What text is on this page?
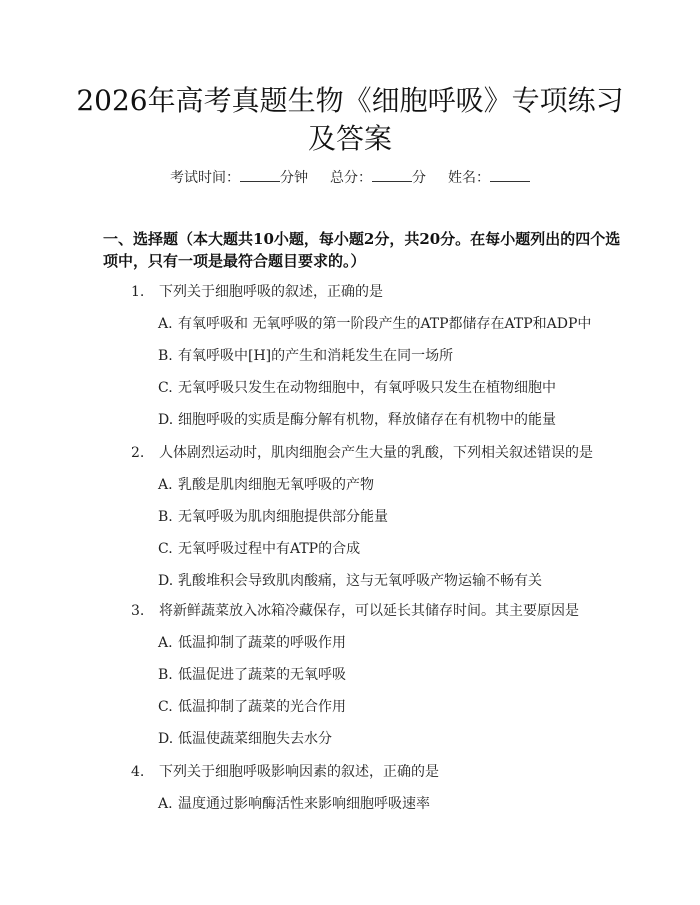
2026年高考真题生物《细胞呼吸》专项练习
及答案
考试时间：	分钟 总分：	分 姓名：
一、选择题（本大题共10小题，每小题2分，共20分。在每小题列出的四个选
项中，只有一项是最符合题目要求的。）
1. 下列关于细胞呼吸的叙述，正确的是
A. 有氧呼吸和 无氧呼吸的第一阶段产生的ATP都储存在ATP和ADP中
B. 有氧呼吸中[H]的产生和消耗发生在同一场所
C. 无氧呼吸只发生在动物细胞中，有氧呼吸只发生在植物细胞中
D. 细胞呼吸的实质是酶分解有机物，释放储存在有机物中的能量
2. 人体剧烈运动时，肌肉细胞会产生大量的乳酸，下列相关叙述错误的是
A. 乳酸是肌肉细胞无氧呼吸的产物
B. 无氧呼吸为肌肉细胞提供部分能量
C. 无氧呼吸过程中有ATP的合成
D. 乳酸堆积会导致肌肉酸痛，这与无氧呼吸产物运输不畅有关
3. 将新鲜蔬菜放入冰箱冷藏保存，可以延长其储存时间。其主要原因是
A. 低温抑制了蔬菜的呼吸作用
B. 低温促进了蔬菜的无氧呼吸
C. 低温抑制了蔬菜的光合作用
D. 低温使蔬菜细胞失去水分
4. 下列关于细胞呼吸影响因素的叙述，正确的是
A. 温度通过影响酶活性来影响细胞呼吸速率
